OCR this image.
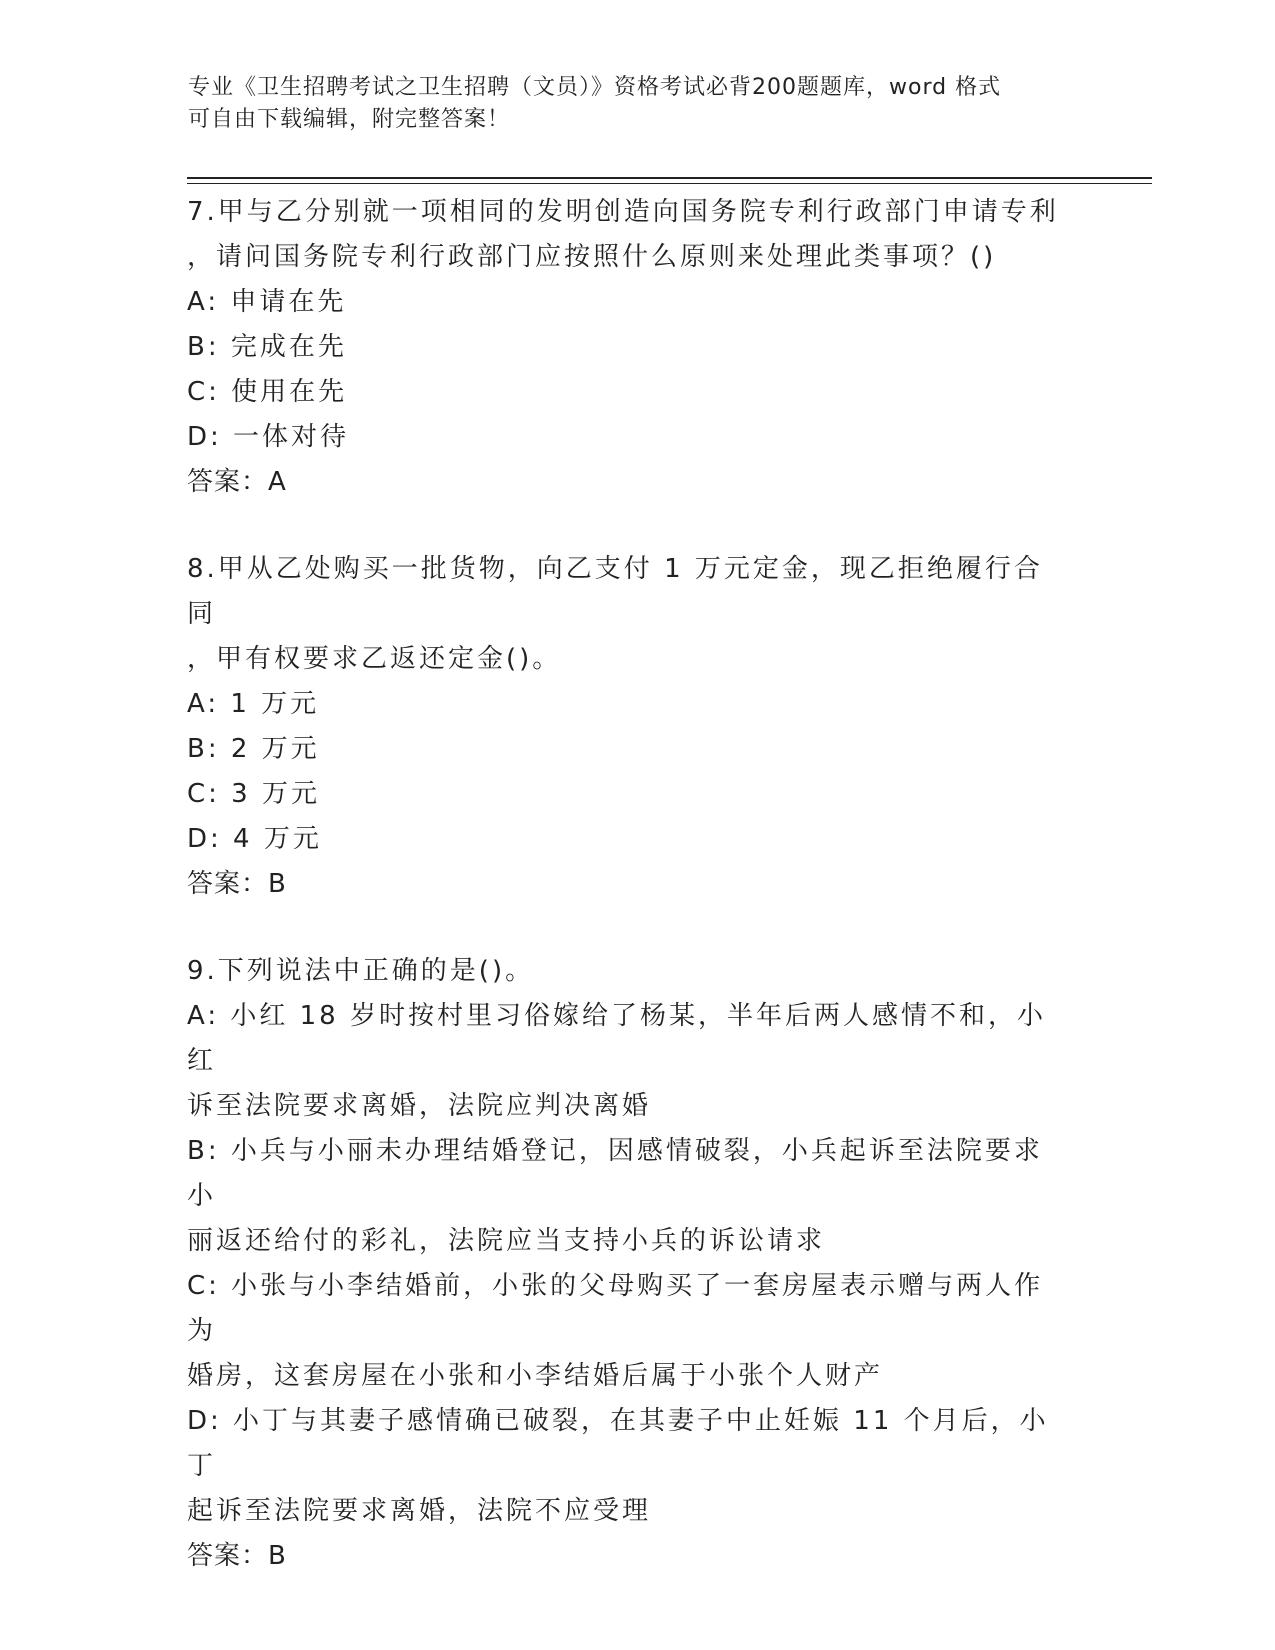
专业《卫生招聘考试之卫生招聘（文员）》资格考试必背200题题库，word 格式
可自由下载编辑，附完整答案！
7.甲与乙分别就一项相同的发明创造向国务院专利行政部门申请专利
，请问国务院专利行政部门应按照什么原则来处理此类事项？()
A: 申请在先
B: 完成在先
C: 使用在先
D: 一体对待
答案：A
8.甲从乙处购买一批货物，向乙支付 1 万元定金，现乙拒绝履行合同
，甲有权要求乙返还定金()。
A: 1 万元
B: 2 万元
C: 3 万元
D: 4 万元
答案：B
9.下列说法中正确的是()。
A: 小红 18 岁时按村里习俗嫁给了杨某，半年后两人感情不和，小红
诉至法院要求离婚，法院应判决离婚
B: 小兵与小丽未办理结婚登记，因感情破裂，小兵起诉至法院要求小
丽返还给付的彩礼，法院应当支持小兵的诉讼请求
C: 小张与小李结婚前，小张的父母购买了一套房屋表示赠与两人作为
婚房，这套房屋在小张和小李结婚后属于小张个人财产
D: 小丁与其妻子感情确已破裂，在其妻子中止妊娠 11 个月后，小丁
起诉至法院要求离婚，法院不应受理
答案：B
